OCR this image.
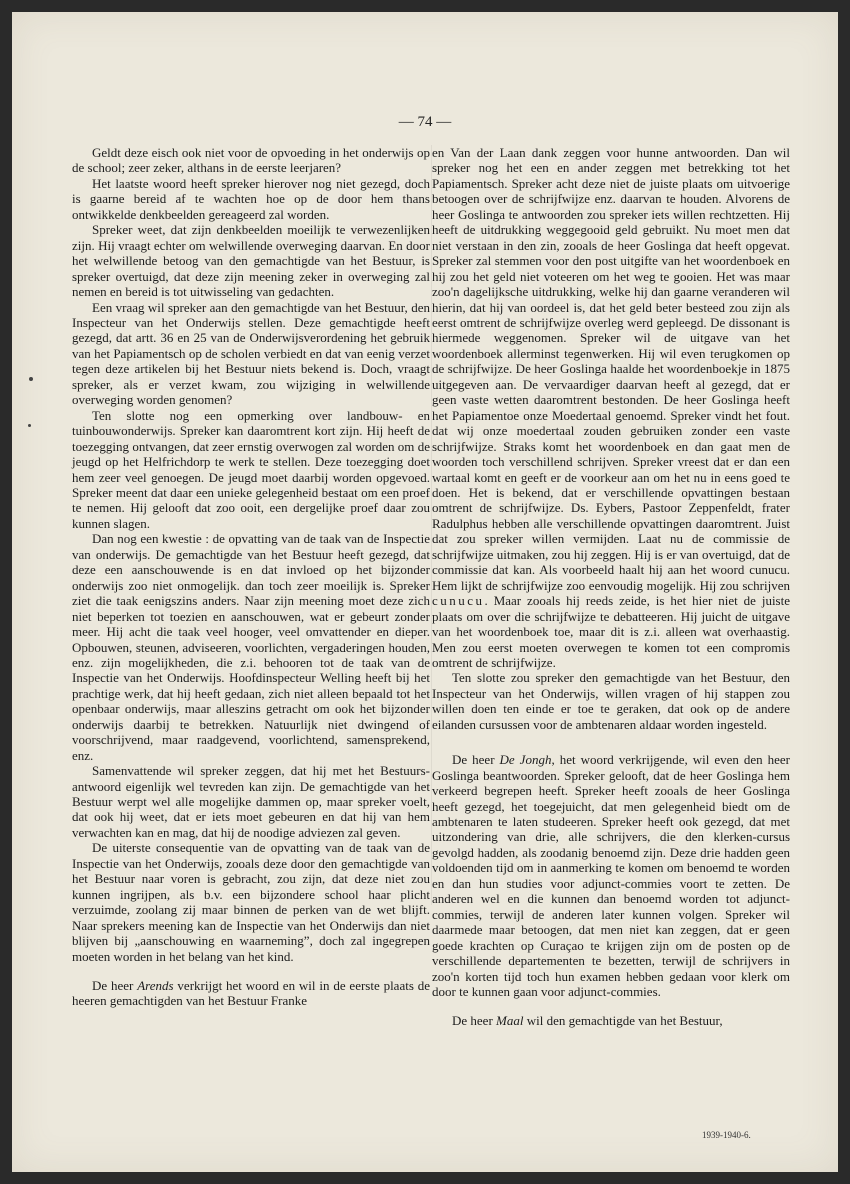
— 74 —

Geldt deze eisch ook niet voor de opvoeding in het onderwijs op de school; zeer zeker, althans in de eerste leerjaren?

Het laatste woord heeft spreker hierover nog niet gezegd, doch is gaarne bereid af te wachten hoe op de door hem thans ontwikkelde denkbeelden gereageerd zal worden.

Spreker weet, dat zijn denkbeelden moeilijk te verwezenlijken zijn. Hij vraagt echter om welwillende overweging daarvan. En door het welwillende betoog van den gemachtigde van het Bestuur, is spreker overtuigd, dat deze zijn meening zeker in overweging zal nemen en bereid is tot uitwisseling van gedachten.

Een vraag wil spreker aan den gemachtigde van het Bestuur, den Inspecteur van het Onderwijs stellen. Deze gemachtigde heeft gezegd, dat artt. 36 en 25 van de Onderwijsverordening het gebruik van het Papiamentsch op de scholen verbiedt en dat van eenig verzet tegen deze artikelen bij het Bestuur niets bekend is. Doch, vraagt spreker, als er verzet kwam, zou wijziging in welwillende overweging worden genomen?

Ten slotte nog een opmerking over landbouw- en tuinbouwonderwijs. Spreker kan daaromtrent kort zijn. Hij heeft de toezegging ontvangen, dat zeer ernstig overwogen zal worden om de jeugd op het Helfrichdorp te werk te stellen. Deze toezegging doet hem zeer veel genoegen. De jeugd moet daarbij worden opgevoed. Spreker meent dat daar een unieke gelegenheid bestaat om een proef te nemen. Hij gelooft dat zoo ooit, een dergelijke proef daar zou kunnen slagen.

Dan nog een kwestie : de opvatting van de taak van de Inspectie van onderwijs. De gemachtigde van het Bestuur heeft gezegd, dat deze een aanschouwende is en dat invloed op het bijzonder onderwijs zoo niet onmogelijk. dan toch zeer moeilijk is. Spreker ziet die taak eenigszins anders. Naar zijn meening moet deze zich niet beperken tot toezien en aanschouwen, wat er gebeurt zonder meer. Hij acht die taak veel hooger, veel omvattender en dieper. Opbouwen, steunen, adviseeren, voorlichten, vergaderingen houden, enz. zijn mogelijkheden, die z.i. behooren tot de taak van de Inspectie van het Onderwijs. Hoofdinspecteur Welling heeft bij het prachtige werk, dat hij heeft gedaan, zich niet alleen bepaald tot het openbaar onderwijs, maar alleszins getracht om ook het bijzonder onderwijs daarbij te betrekken. Natuurlijk niet dwingend of voorschrijvend, maar raadgevend, voorlichtend, samensprekend, enz.

Samenvattende wil spreker zeggen, dat hij met het Bestuurs-antwoord eigenlijk wel tevreden kan zijn. De gemachtigde van het Bestuur werpt wel alle mogelijke dammen op, maar spreker voelt, dat ook hij weet, dat er iets moet gebeuren en dat hij van hem verwachten kan en mag, dat hij de noodige adviezen zal geven.

De uiterste consequentie van de opvatting van de taak van de Inspectie van het Onderwijs, zooals deze door den gemachtigde van het Bestuur naar voren is gebracht, zou zijn, dat deze niet zou kunnen ingrijpen, als b.v. een bijzondere school haar plicht verzuimde, zoolang zij maar binnen de perken van de wet blijft. Naar sprekers meening kan de Inspectie van het Onderwijs dan niet blijven bij „aanschouwing en waarneming”, doch zal ingegrepen moeten worden in het belang van het kind.

De heer Arends verkrijgt het woord en wil in de eerste plaats de heeren gemachtigden van het Bestuur Franke

en Van der Laan dank zeggen voor hunne antwoorden. Dan wil spreker nog het een en ander zeggen met betrekking tot het Papiamentsch. Spreker acht deze niet de juiste plaats om uitvoerige betoogen over de schrijfwijze enz. daarvan te houden. Alvorens de heer Goslinga te antwoorden zou spreker iets willen rechtzetten. Hij heeft de uitdrukking weggegooid geld gebruikt. Nu moet men dat niet verstaan in den zin, zooals de heer Goslinga dat heeft opgevat. Spreker zal stemmen voor den post uitgifte van het woordenboek en hij zou het geld niet voteeren om het weg te gooien. Het was maar zoo'n dagelijksche uitdrukking, welke hij dan gaarne veranderen wil hierin, dat hij van oordeel is, dat het geld beter besteed zou zijn als eerst omtrent de schrijfwijze overleg werd gepleegd. De dissonant is hiermede weggenomen. Spreker wil de uitgave van het woordenboek allerminst tegenwerken. Hij wil even terugkomen op de schrijfwijze. De heer Goslinga haalde het woordenboekje in 1875 uitgegeven aan. De vervaardiger daarvan heeft al gezegd, dat er geen vaste wetten daaromtrent bestonden. De heer Goslinga heeft het Papiamentoe onze Moedertaal genoemd. Spreker vindt het fout. dat wij onze moedertaal zouden gebruiken zonder een vaste schrijfwijze. Straks komt het woordenboek en dan gaat men de woorden toch verschillend schrijven. Spreker vreest dat er dan een wartaal komt en geeft er de voorkeur aan om het nu in eens goed te doen. Het is bekend, dat er verschillende opvattingen bestaan omtrent de schrijfwijze. Ds. Eybers, Pastoor Zeppenfeldt, frater Radulphus hebben alle verschillende opvattingen daaromtrent. Juist dat zou spreker willen vermijden. Laat nu de commissie de schrijfwijze uitmaken, zou hij zeggen. Hij is er van overtuigd, dat de commissie dat kan. Als voorbeeld haalt hij aan het woord cunucu. Hem lijkt de schrijfwijze zoo eenvoudig mogelijk. Hij zou schrijven cunucu. Maar zooals hij reeds zeide, is het hier niet de juiste plaats om over die schrijfwijze te debatteeren. Hij juicht de uitgave van het woordenboek toe, maar dit is z.i. alleen wat overhaastig. Men zou eerst moeten overwegen te komen tot een compromis omtrent de schrijfwijze.

Ten slotte zou spreker den gemachtigde van het Bestuur, den Inspecteur van het Onderwijs, willen vragen of hij stappen zou willen doen ten einde er toe te geraken, dat ook op de andere eilanden cursussen voor de ambtenaren aldaar worden ingesteld.

De heer De Jongh, het woord verkrijgende, wil even den heer Goslinga beantwoorden. Spreker gelooft, dat de heer Goslinga hem verkeerd begrepen heeft. Spreker heeft zooals de heer Goslinga heeft gezegd, het toegejuicht, dat men gelegenheid biedt om de ambtenaren te laten studeeren. Spreker heeft ook gezegd, dat met uitzondering van drie, alle schrijvers, die den klerken-cursus gevolgd hadden, als zoodanig benoemd zijn. Deze drie hadden geen voldoenden tijd om in aanmerking te komen om benoemd te worden en dan hun studies voor adjunct-commies voort te zetten. De anderen wel en die kunnen dan benoemd worden tot adjunct-commies, terwijl de anderen later kunnen volgen. Spreker wil daarmede maar betoogen, dat men niet kan zeggen, dat er geen goede krachten op Curaçao te krijgen zijn om de posten op de verschillende departementen te bezetten, terwijl de schrijvers in zoo'n korten tijd toch hun examen hebben gedaan voor klerk om door te kunnen gaan voor adjunct-commies.

De heer Maal wil den gemachtigde van het Bestuur,

1939-1940-6.
